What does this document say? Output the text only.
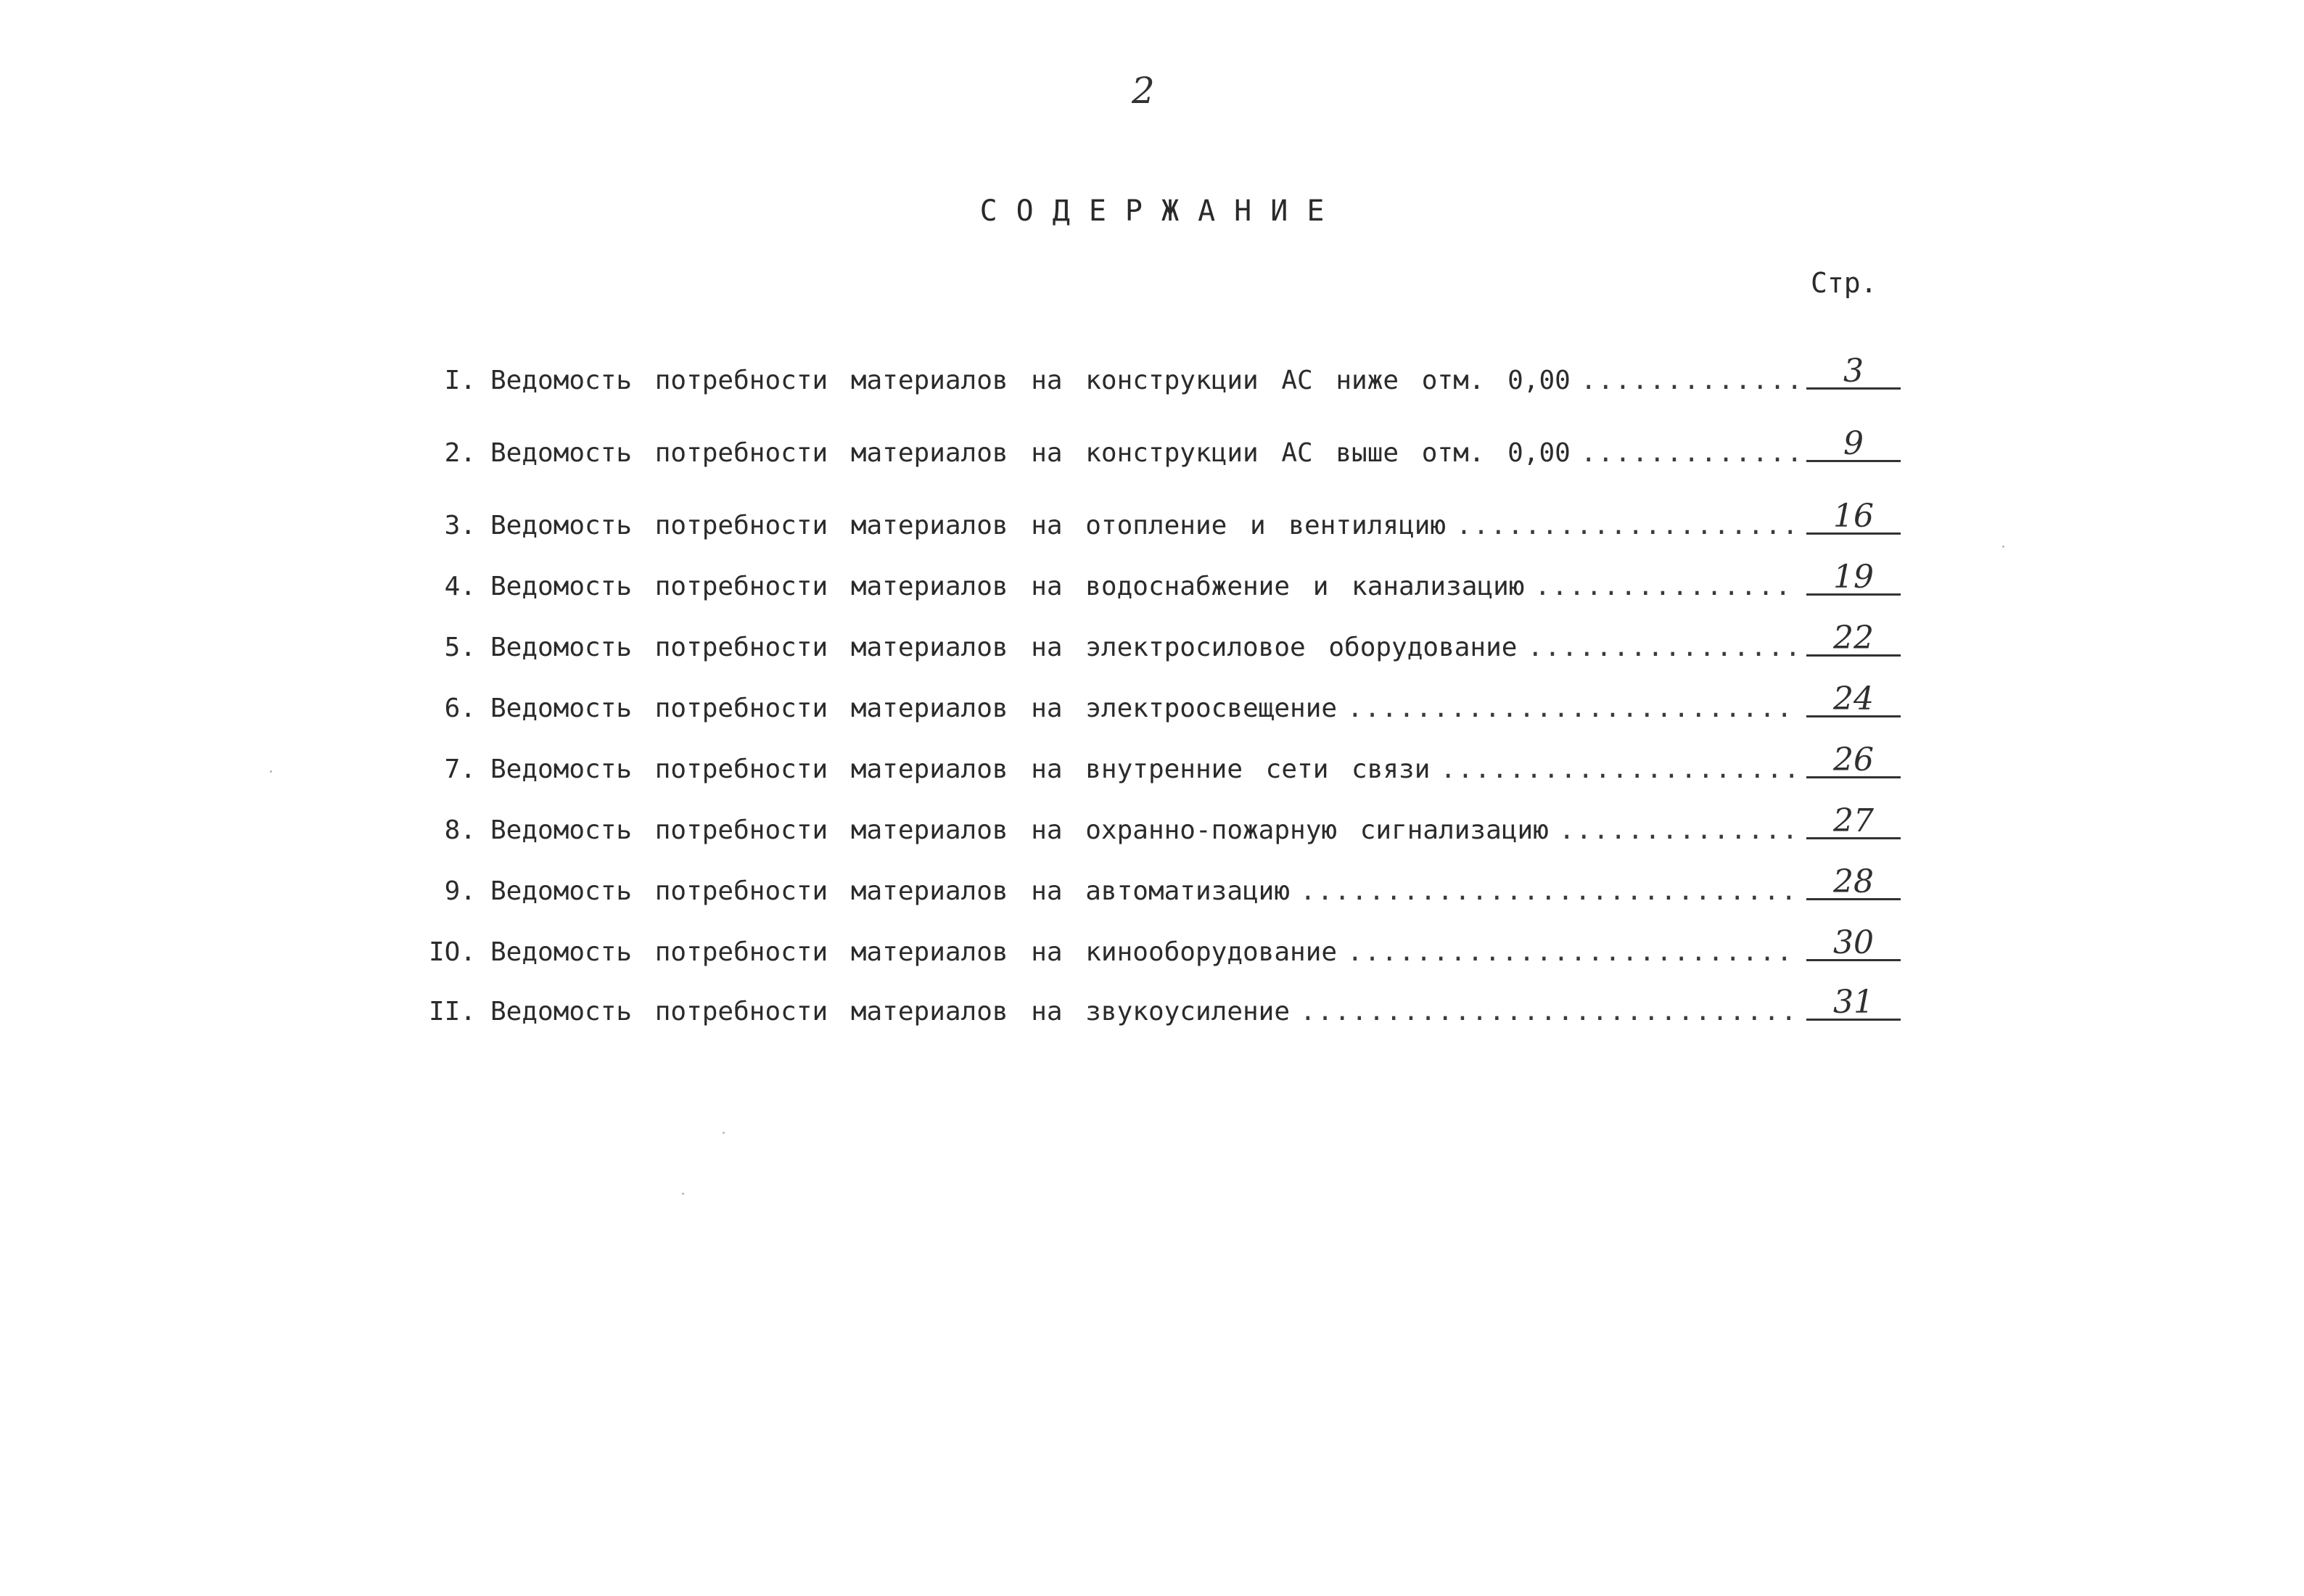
2
СОДЕРЖАНИЕ
Стр.
I. Ведомость потребности материалов на конструкции АС ниже отм. 0,00 .....	3
2. Ведомость потребности материалов на конструкции АС выше отм. 0,00 .....	9
3. Ведомость потребности материалов на отопление и вентиляцию .....	16
4. Ведомость потребности материалов на водоснабжение и канализацию .....	19
5. Ведомость потребности материалов на электросиловое оборудование .....	22
6. Ведомость потребности материалов на электроосвещение .....	24
7. Ведомость потребности материалов на внутренние сети связи .....	26
8. Ведомость потребности материалов на охранно-пожарную сигнализацию .....	27
9. Ведомость потребности материалов на автоматизацию .....	28
IO. Ведомость потребности материалов на кинооборудование .....	30
II. Ведомость потребности материалов на звукоусиление .....	31
